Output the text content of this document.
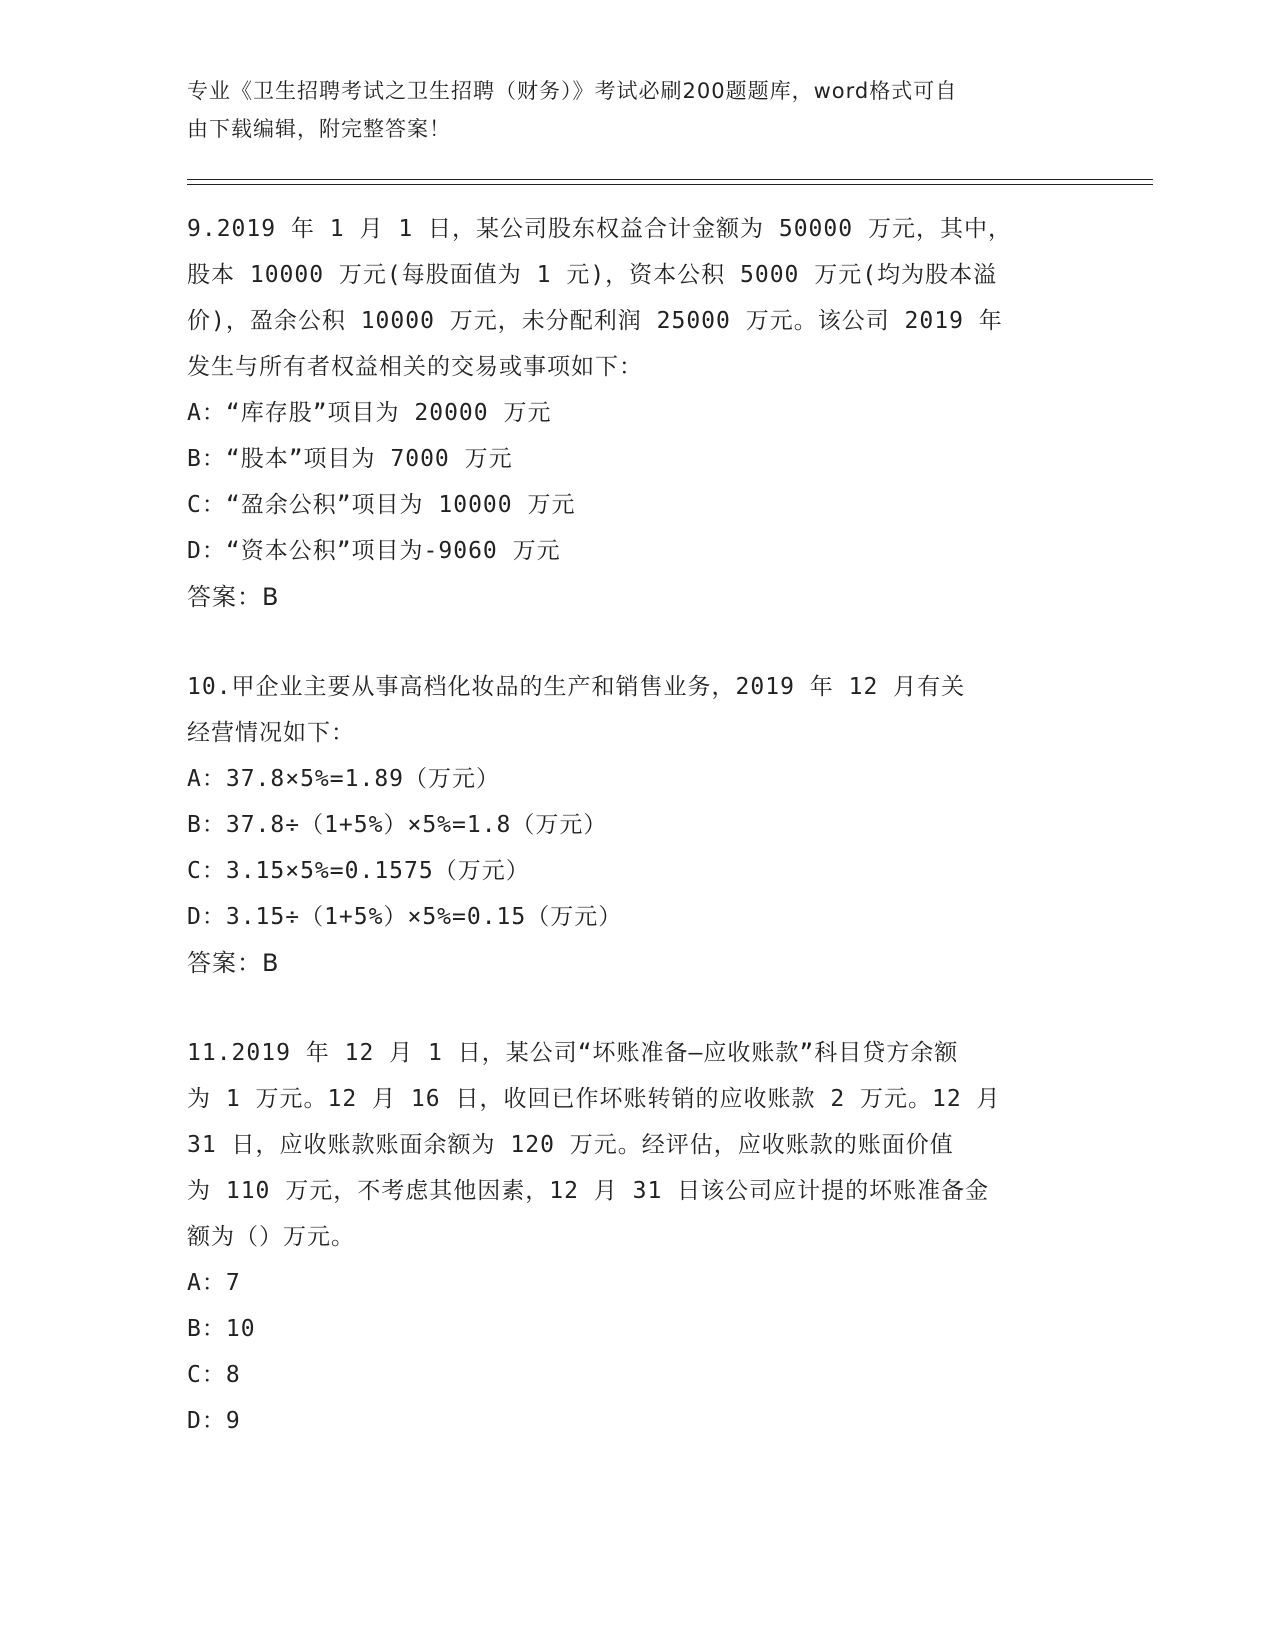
专业《卫生招聘考试之卫生招聘（财务）》考试必刷200题题库，word格式可自
由下载编辑，附完整答案！
9.2019 年 1 月 1 日，某公司股东权益合计金额为 50000 万元，其中，
股本 10000 万元(每股面值为 1 元)，资本公积 5000 万元(均为股本溢
价)，盈余公积 10000 万元，未分配利润 25000 万元。该公司 2019 年
发生与所有者权益相关的交易或事项如下：
A：“库存股”项目为 20000 万元
B：“股本”项目为 7000 万元
C：“盈余公积”项目为 10000 万元
D：“资本公积”项目为-9060 万元
答案：B
10.甲企业主要从事高档化妆品的生产和销售业务，2019 年 12 月有关
经营情况如下：
A：37.8×5%=1.89（万元）
B：37.8÷（1+5%）×5%=1.8（万元）
C：3.15×5%=0.1575（万元）
D：3.15÷（1+5%）×5%=0.15（万元）
答案：B
11.2019 年 12 月 1 日，某公司“坏账准备—应收账款”科目贷方余额
为 1 万元。12 月 16 日，收回已作坏账转销的应收账款 2 万元。12 月
31 日，应收账款账面余额为 120 万元。经评估，应收账款的账面价值
为 110 万元，不考虑其他因素，12 月 31 日该公司应计提的坏账准备金
额为（）万元。
A：7
B：10
C：8
D：9
